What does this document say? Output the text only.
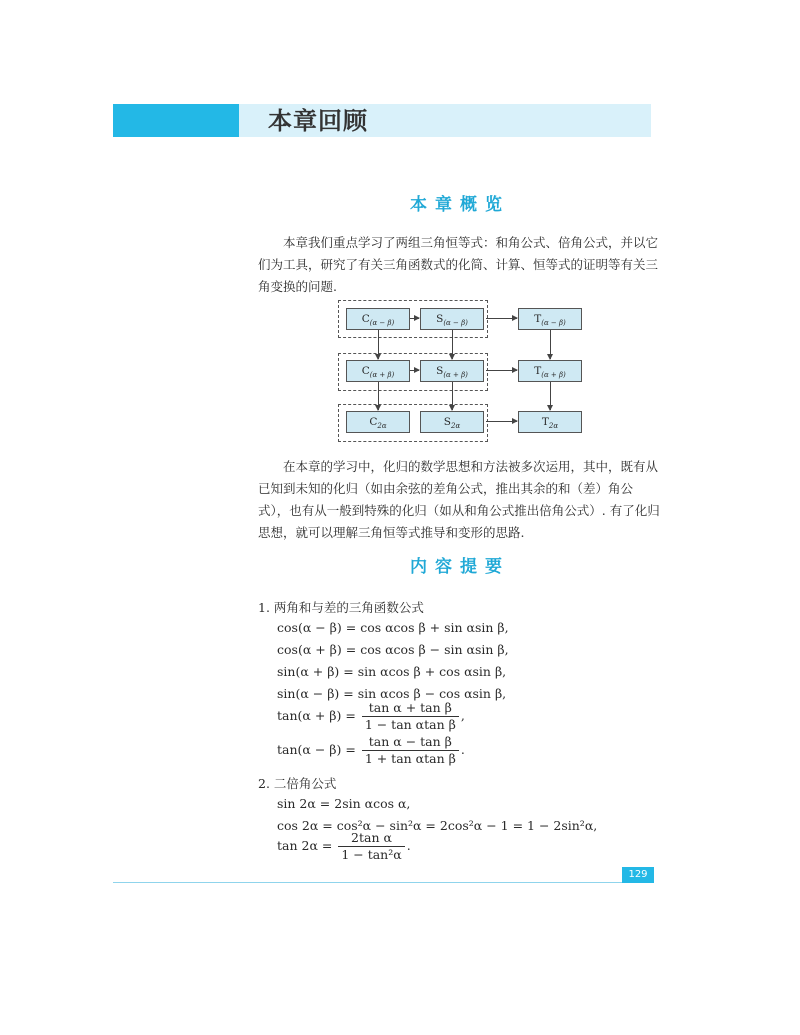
本章回顾
本章概览

本章我们重点学习了两组三角恒等式：和角公式、倍角公式，并以它们为工具，研究了有关三角函数式的化简、计算、恒等式的证明等有关三角变换的问题.

$C_{(\alpha - \beta)}$	$S_{(\alpha - \beta)}$	$T_{(\alpha - \beta)}$
$C_{(\alpha + \beta)}$	$S_{(\alpha + \beta)}$	$T_{(\alpha + \beta)}$
$C_{2\alpha}$	$S_{2\alpha}$	$T_{2\alpha}$

在本章的学习中，化归的数学思想和方法被多次运用，其中，既有从已知到未知的化归（如由余弦的差角公式，推出其余的和（差）角公式），也有从一般到特殊的化归（如从和角公式推出倍角公式）. 有了化归思想，就可以理解三角恒等式推导和变形的思路.

内容提要
1. 两角和与差的三角函数公式
cos(α − β) = cos αcos β + sin αsin β,
cos(α + β) = cos αcos β − sin αsin β,
sin(α + β) = sin αcos β + cos αsin β,
sin(α − β) = sin αcos β − cos αsin β,
$\tan(\alpha + \beta) = \frac{\text{tan α + tan β}}{\text{1 − tan αtan β}}$ ,
$\tan(\alpha - \beta) = \frac{\text{tan α − tan β}}{\text{1 + tan αtan β}}$ .
2. 二倍角公式
sin 2α = 2sin αcos α,
cos 2α = cos²α − sin²α = 2cos²α − 1 = 1 − 2sin²α,
$\tan 2\alpha = \frac{\text{2tan α}}{\text{1 − tan²α}}$ .
129
